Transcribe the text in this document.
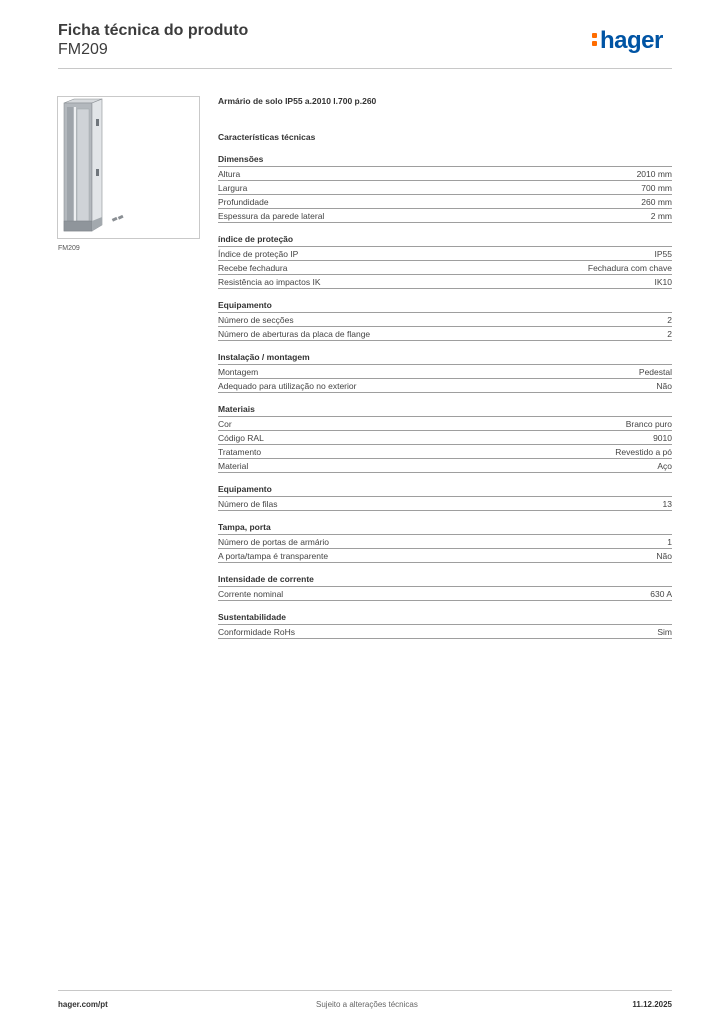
Ficha técnica do produto
FM209	hager
FM209
Armário de solo IP55 a.2010 l.700 p.260
Características técnicas
Dimensões
Altura	2010 mm
Largura	700 mm
Profundidade	260 mm
Espessura da parede lateral	2 mm
índice de proteção
Índice de proteção IP	IP55
Recebe fechadura	Fechadura com chave
Resistência ao impactos IK	IK10
Equipamento
Número de secções	2
Número de aberturas da placa de flange	2
Instalação / montagem
Montagem	Pedestal
Adequado para utilização no exterior	Não
Materiais
Cor	Branco puro
Código RAL	9010
Tratamento	Revestido a pó
Material	Aço
Equipamento
Número de filas	13
Tampa, porta
Número de portas de armário	1
A porta/tampa é transparente	Não
Intensidade de corrente
Corrente nominal	630 A
Sustentabilidade
Conformidade RoHs	Sim
hager.com/pt	Sujeito a alterações técnicas	11.12.2025
